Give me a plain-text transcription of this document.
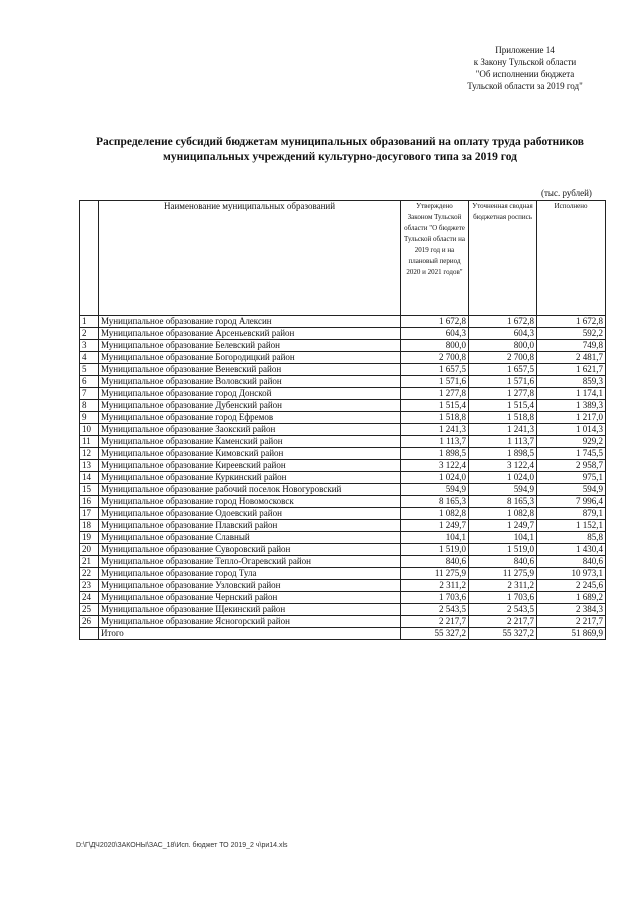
Приложение 14
к Закону Тульской области
"Об исполнении бюджета
Тульской области за 2019 год"
Распределение субсидий бюджетам муниципальных образований на оплату труда работников
муниципальных учреждений культурно-досугового типа за 2019 год
(тыс. рублей)
	Наименование муниципальных образований	Утверждено Законом Тульской области "О бюджете Тульской области на 2019 год и на плановый период 2020 и 2021 годов"	Уточненная сводная бюджетная роспись	Исполнено
1	Муниципальное образование город Алексин	1 672,8	1 672,8	1 672,8
2	Муниципальное образование Арсеньевский район	604,3	604,3	592,2
3	Муниципальное образование Белевский район	800,0	800,0	749,8
4	Муниципальное образование Богородицкий район	2 700,8	2 700,8	2 481,7
5	Муниципальное образование Веневский район	1 657,5	1 657,5	1 621,7
6	Муниципальное образование Воловский район	1 571,6	1 571,6	859,3
7	Муниципальное образование город Донской	1 277,8	1 277,8	1 174,1
8	Муниципальное образование Дубенский район	1 515,4	1 515,4	1 389,3
9	Муниципальное образование город Ефремов	1 518,8	1 518,8	1 217,0
10	Муниципальное образование Заокский район	1 241,3	1 241,3	1 014,3
11	Муниципальное образование Каменский район	1 113,7	1 113,7	929,2
12	Муниципальное образование Кимовский район	1 898,5	1 898,5	1 745,5
13	Муниципальное образование Киреевский район	3 122,4	3 122,4	2 958,7
14	Муниципальное образование Куркинский район	1 024,0	1 024,0	975,1
15	Муниципальное образование рабочий поселок Новогуровский	594,9	594,9	594,9
16	Муниципальное образование город Новомосковск	8 165,3	8 165,3	7 996,4
17	Муниципальное образование Одоевский район	1 082,8	1 082,8	879,1
18	Муниципальное образование Плавский район	1 249,7	1 249,7	1 152,1
19	Муниципальное образование Славный	104,1	104,1	85,8
20	Муниципальное образование Суворовский район	1 519,0	1 519,0	1 430,4
21	Муниципальное образование Тепло-Огаревский район	840,6	840,6	840,6
22	Муниципальное образование город Тула	11 275,9	11 275,9	10 973,1
23	Муниципальное образование Узловский район	2 311,2	2 311,2	2 245,6
24	Муниципальное образование Чернский район	1 703,6	1 703,6	1 689,2
25	Муниципальное образование Щекинский район	2 543,5	2 543,5	2 384,3
26	Муниципальное образование Ясногорский район	2 217,7	2 217,7	2 217,7
	Итого	55 327,2	55 327,2	51 869,9
D:\Г\ДЧ2020\ЗАКОНЫ\ЗАС_18\Исп. бюджет ТО 2019_2 ч\ри14.xls
